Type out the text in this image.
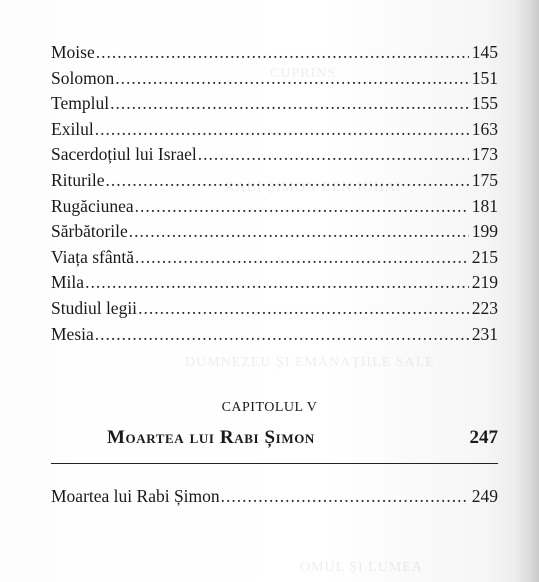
CUPRINS
RABI ȘIMON BEN IOHAI
DUMNEZEU ȘI EMANAȚIILE SALE
OMUL ȘI LUMEA
Moise .....	145
Solomon .....	151
Templul .....	155
Exilul .....	163
Sacerdoțiul lui Israel .....	173
Riturile .....	175
Rugăciunea .....	181
Sărbătorile .....	199
Viața sfântă .....	215
Mila .....	219
Studiul legii .....	223
Mesia .....	231
CAPITOLUL V
Moartea lui Rabi Șimon	247
Moartea lui Rabi Șimon .....	249
